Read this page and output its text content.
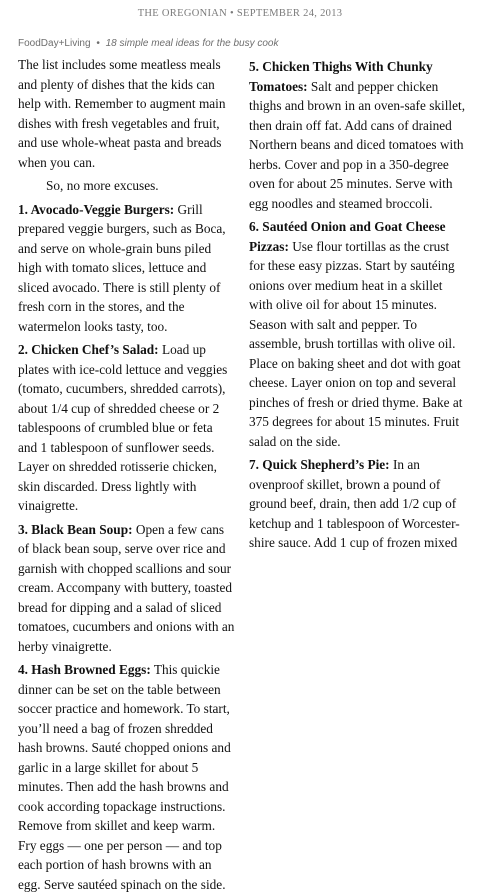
THE OREGONIAN • SEPTEMBER 24, 2013
FoodDay+Living • 18 simple meal ideas for the busy cook

The list includes some meatless meals and plenty of dishes that the kids can help with. Remember to augment main dishes with fresh vegetables and fruit, and use whole-wheat pasta and breads when you can.

So, no more excuses.

1. Avocado-Veggie Burgers: Grill prepared veggie burgers, such as Boca, and serve on whole-grain buns piled high with tomato slices, lettuce and sliced avocado. There is still plenty of fresh corn in the stores, and the watermelon looks tasty, too.

2. Chicken Chef’s Salad: Load up plates with ice-cold lettuce and veggies (tomato, cucumbers, shredded carrots), about 1/4 cup of shredded cheese or 2 tablespoons of crumbled blue or feta and 1 tablespoon of sunflower seeds. Layer on shredded rotisserie chicken, skin discarded. Dress lightly with vinaigrette.

3. Black Bean Soup: Open a few cans of black bean soup, serve over rice and garnish with chopped scallions and sour cream. Accompany with buttery, toasted bread for dipping and a salad of sliced tomatoes, cucumbers and onions with an herby vinaigrette.

4. Hash Browned Eggs: This quickie dinner can be set on the table between soccer practice and homework. To start, you’ll need a bag of frozen shredded hash browns. Sauté chopped onions and garlic in a large skillet for about 5 minutes. Then add the hash browns and cook according topackage instructions. Remove from skillet and keep warm. Fry eggs — one per person — and top each portion of hash browns with an egg. Serve sautéed spinach on the side.

5. Chicken Thighs With Chunky Tomatoes: Salt and pepper chicken thighs and brown in an oven-safe skillet, then drain off fat. Add cans of drained Northern beans and diced tomatoes with herbs. Cover and pop in a 350-degree oven for about 25 minutes. Serve with egg noodles and steamed broccoli.

6. Sautéed Onion and Goat Cheese Pizzas: Use flour tortillas as the crust for these easy pizzas. Start by sautéing onions over medium heat in a skillet with olive oil for about 15 minutes. Season with salt and pepper. To assemble, brush tortillas with olive oil. Place on baking sheet and dot with goat cheese. Layer onion on top and several pinches of fresh or dried thyme. Bake at 375 degrees for about 15 minutes. Fruit salad on the side.

7. Quick Shepherd’s Pie: In an ovenproof skillet, brown a pound of ground beef, drain, then add 1/2 cup of ketchup and 1 tablespoon of Worcester-shire sauce. Add 1 cup of frozen mixed
